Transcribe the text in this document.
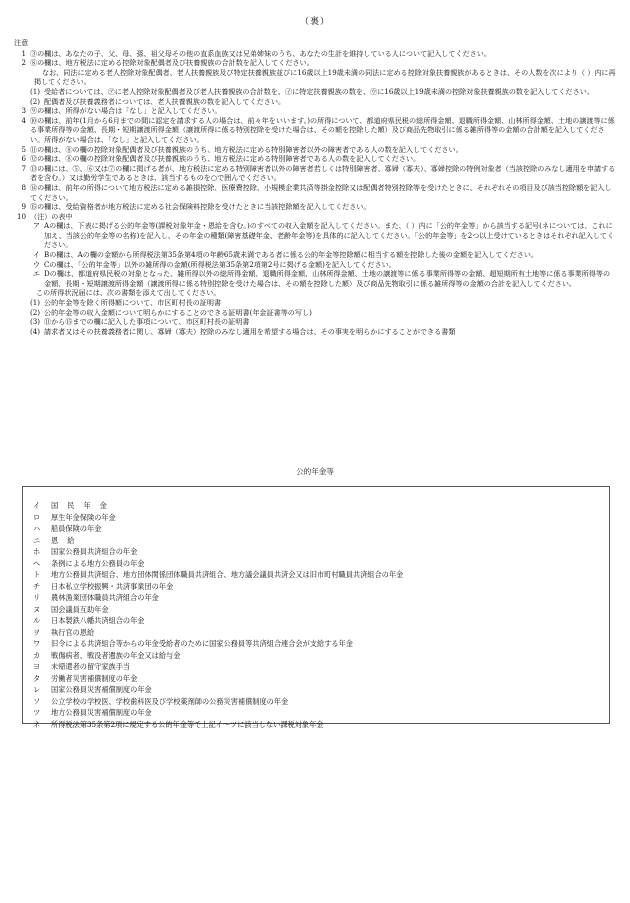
（裏）
注意
1 ③の欄は、あなたの子、父、母、孫、祖父母その他の直系血族又は兄弟姉妹のうち、あなたの生計を維持している人について記入してください。
2 ⑧の欄は、地方税法に定める控除対象配偶者及び扶養親族の合計数を記入してください。
なお、同法に定める老人控除対象配偶者、老人扶養親族及び特定扶養親族並びに16歳以上19歳未満の同法に定める控除対象扶養親族があるときは、その人数を次により（ ）内に再掲してください。
(1) 受給者については、㋐に老人控除対象配偶者及び老人扶養親族の合計数を、㋑に特定扶養親族の数を、㋒に16歳以上19歳未満の控除対象扶養親族の数を記入してください。
(2) 配偶者及び扶養義務者については、老人扶養親族の数を記入してください。
3 ⑨の欄は、所得がない場合は「なし」と記入してください。
4 ⑩の欄は、前年(1月から6月までの間に認定を請求する人の場合は、前々年をいいます。)の所得について、都道府県民税の総所得金額、退職所得金額、山林所得金額、土地の譲渡等に係る事業所得等の金額、長期・短期譲渡所得金額（譲渡所得に係る特別控除を受けた場合は、その額を控除した額）及び商品先物取引に係る雑所得等の金額の合計額を記入してください。所得がない場合は、「なし」と記入してください。
5 ⑪の欄は、⑧の欄の控除対象配偶者及び扶養親族のうち、地方税法に定める特別障害者以外の障害者である人の数を記入してください。
6 ⑫の欄は、⑧の欄の控除対象配偶者及び扶養親族のうち、地方税法に定める特別障害者である人の数を記入してください。
7 ⑬の欄には、⑤、⑥又は⑦の欄に掲げる者が、地方税法に定める特別障害者以外の障害者若しくは特別障害者、寡婦（寡夫）、寡婦控除の特例対象者（当該控除のみなし適用を申請する者を含む。）又は勤労学生であるときは、該当するものを○で囲んでください。
8 ⑭の欄は、前年の所得について地方税法に定める雑損控除、医療費控除、小規模企業共済等掛金控除又は配偶者特別控除等を受けたときに、それぞれその項目及び該当控除額を記入してください。
9 ⑮の欄は、受給資格者が地方税法に定める社会保険料控除を受けたときに当該控除額を記入してください。
10 （注）の表中
ア Aの欄は、下表に掲げる公的年金等(課税対象年金・恩給を含む。)のすべての収入金額を記入してください。また、（ ）内に「公的年金等」から該当する記号(ネについては、これに加え、当該公的年金等の名称)を記入し、その年金の種類(障害基礎年金、老齢年金等)を具体的に記入してください。「公的年金等」を2つ以上受けているときはそれぞれ記入してください。
イ Bの欄は、Aの欄の金額から所得税法第35条第4項の年齢65歳未満である者に係る公的年金等控除額に相当する額を控除した後の金額を記入してください。
ウ Cの欄は、「公的年金等」以外の雑所得の金額(所得税法第35条第2項第2号に掲げる金額)を記入してください。
エ Dの欄は、都道府県民税の対象となった、雑所得以外の総所得金額、退職所得金額、山林所得金額、土地の譲渡等に係る事業所得等の金額、超短期所有土地等に係る事業所得等の金額、長期・短期譲渡所得金額（譲渡所得に係る特別控除を受けた場合は、その額を控除した額）及び商品先物取引に係る雑所得等の金額の合計を記入してください。
この所得状況届には、次の書類を添えて出してください。
(1) 公的年金等を除く所得額について、市区町村長の証明書
(2) 公的年金等の収入金額について明らかにすることのできる証明書(年金証書等の写し)
(3) ⑪から⑮までの欄に記入した事項について、市区町村長の証明書
(4) 請求者又はその扶養義務者に関し、寡婦（寡夫）控除のみなし適用を希望する場合は、その事実を明らかにすることができる書類
公的年金等
イ	国民年金
ロ	厚生年金保険の年金
ハ	船員保険の年金
ニ	恩給
ホ	国家公務員共済組合の年金
ヘ	条例による地方公務員の年金
ト	地方公務員共済組合、地方団体関係団体職員共済組合、地方議会議員共済会又は旧市町村職員共済組合の年金
チ	日本私立学校振興・共済事業団の年金
リ	農林漁業団体職員共済組合の年金
ヌ	国会議員互助年金
ル	日本製鉄八幡共済組合の年金
ヲ	執行官の恩給
ワ	旧令による共済組合等からの年金受給者のために国家公務員等共済組合連合会が支給する年金
カ	戦傷病者、戦没者遺族の年金又は給与金
ヨ	未帰還者の留守家族手当
タ	労働者災害補償制度の年金
レ	国家公務員災害補償制度の年金
ソ	公立学校の学校医、学校歯科医及び学校薬剤師の公務災害補償制度の年金
ツ	地方公務員災害補償制度の年金
ネ	所得税法第35条第2項に規定する公的年金等で上記イ〜ツに該当しない課税対象年金
